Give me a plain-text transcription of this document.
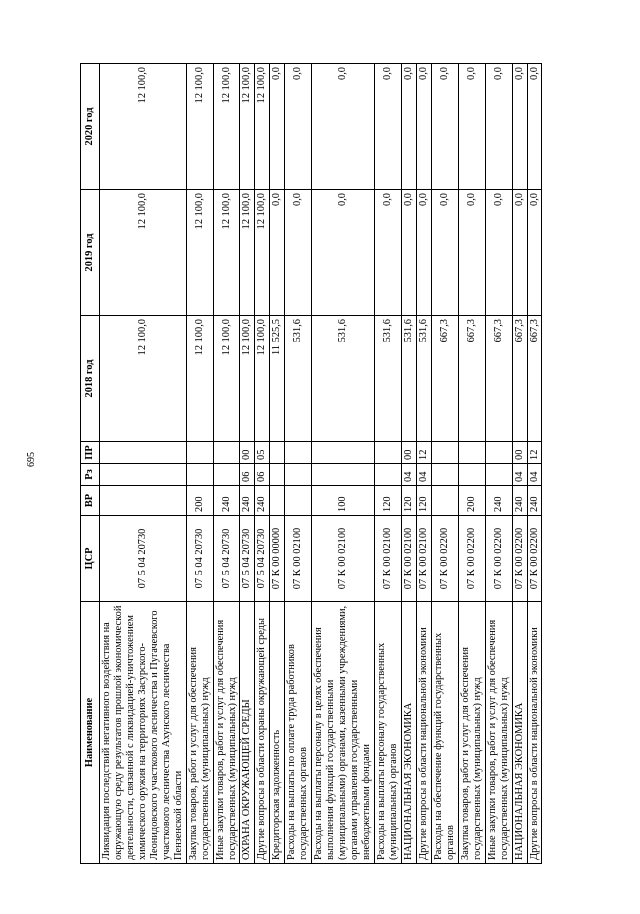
695
Наименование	ЦСР	ВР	Рз	ПР	2018 год	2019 год	2020 год
Ликвидация последствий негативного воздействия на окружающую среду результатов прошлой экономической деятельности, связанной с ликвидацией-уничтожением химического оружия на территориях Засурского-Леонидовского участкового лесничества и Пугачевского участкового лесничества Ахунского лесничества Пензенской области	07 5 04 20730				12 100,0	12 100,0	12 100,0
Закупка товаров, работ и услуг для обеспечения государственных (муниципальных) нужд	07 5 04 20730	200			12 100,0	12 100,0	12 100,0
Иные закупки товаров, работ и услуг для обеспечения государственных (муниципальных) нужд	07 5 04 20730	240			12 100,0	12 100,0	12 100,0
ОХРАНА ОКРУЖАЮЩЕЙ СРЕДЫ	07 5 04 20730	240	06	00	12 100,0	12 100,0	12 100,0
Другие вопросы в области охраны окружающей среды	07 5 04 20730	240	06	05	12 100,0	12 100,0	12 100,0
Кредиторская задолженность	07 К 00 00000				11 525,5	0,0	0,0
Расходы на выплаты по оплате труда работников государственных органов	07 К 00 02100				531,6	0,0	0,0
Расходы на выплаты персоналу в целях обеспечения выполнения функций государственными (муниципальными) органами, казенными учреждениями, органами управления государственными внебюджетными фондами	07 К 00 02100	100			531,6	0,0	0,0
Расходы на выплаты персоналу государственных (муниципальных) органов	07 К 00 02100	120			531,6	0,0	0,0
НАЦИОНАЛЬНАЯ ЭКОНОМИКА	07 К 00 02100	120	04	00	531,6	0,0	0,0
Другие вопросы в области национальной экономики	07 К 00 02100	120	04	12	531,6	0,0	0,0
Расходы на обеспечение функций государственных органов	07 К 00 02200				667,3	0,0	0,0
Закупка товаров, работ и услуг для обеспечения государственных (муниципальных) нужд	07 К 00 02200	200			667,3	0,0	0,0
Иные закупки товаров, работ и услуг для обеспечения государственных (муниципальных) нужд	07 К 00 02200	240			667,3	0,0	0,0
НАЦИОНАЛЬНАЯ ЭКОНОМИКА	07 К 00 02200	240	04	00	667,3	0,0	0,0
Другие вопросы в области национальной экономики	07 К 00 02200	240	04	12	667,3	0,0	0,0
